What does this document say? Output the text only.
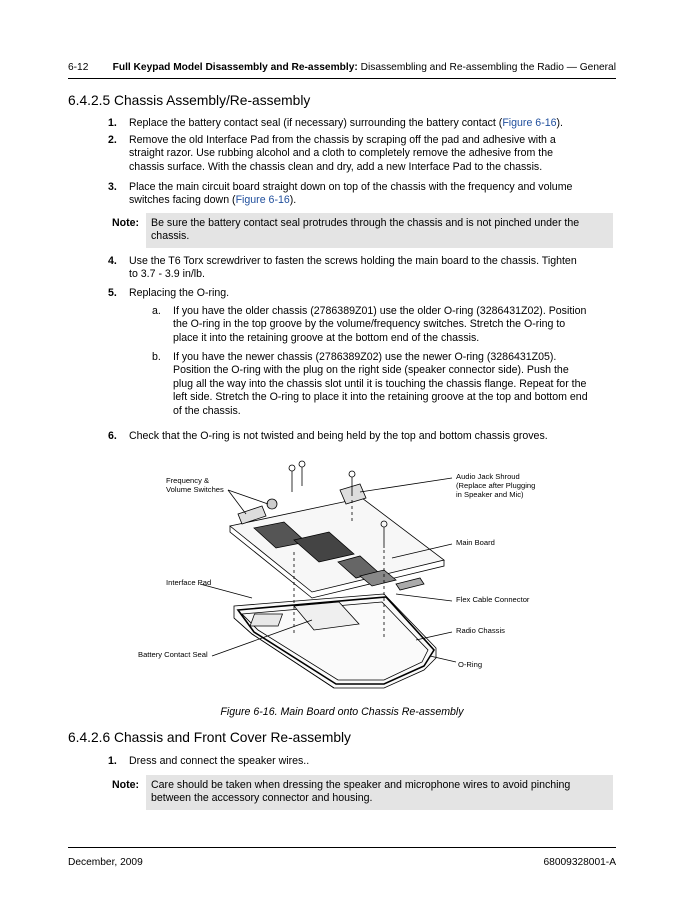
6-12 Full Keypad Model Disassembly and Re-assembly: Disassembling and Re-assembling the Radio — General
6.4.2.5 Chassis Assembly/Re-assembly
1. Replace the battery contact seal (if necessary) surrounding the battery contact (Figure 6-16).
2. Remove the old Interface Pad from the chassis by scraping off the pad and adhesive with a
straight razor. Use rubbing alcohol and a cloth to completely remove the adhesive from the
chassis surface. With the chassis clean and dry, add a new Interface Pad to the chassis.
3. Place the main circuit board straight down on top of the chassis with the frequency and volume
switches facing down (Figure 6-16).
Note: Be sure the battery contact seal protrudes through the chassis and is not pinched under the
chassis.
4. Use the T6 Torx screwdriver to fasten the screws holding the main board to the chassis. Tighten
to 3.7 - 3.9 in/lb.
5. Replacing the O-ring.
a. If you have the older chassis (2786389Z01) use the older O-ring (3286431Z02). Position
the O-ring in the top groove by the volume/frequency switches. Stretch the O-ring to
place it into the retaining groove at the bottom end of the chassis.
b. If you have the newer chassis (2786389Z02) use the newer O-ring (3286431Z05).
Position the O-ring with the plug on the right side (speaker connector side). Push the
plug all the way into the chassis slot until it is touching the chassis flange. Repeat for the
left side. Stretch the O-ring to place it into the retaining groove at the top and bottom end
of the chassis.
6. Check that the O-ring is not twisted and being held by the top and bottom chassis groves.
Frequency &
Volume Switches
Audio Jack Shroud
(Replace after Plugging
in Speaker and Mic)
Main Board
Interface Pad
Flex Cable Connector
Radio Chassis
Battery Contact Seal
O-Ring
Figure 6-16. Main Board onto Chassis Re-assembly
6.4.2.6 Chassis and Front Cover Re-assembly
1. Dress and connect the speaker wires..
Note: Care should be taken when dressing the speaker and microphone wires to avoid pinching
between the accessory connector and housing.
December, 2009	68009328001-A
